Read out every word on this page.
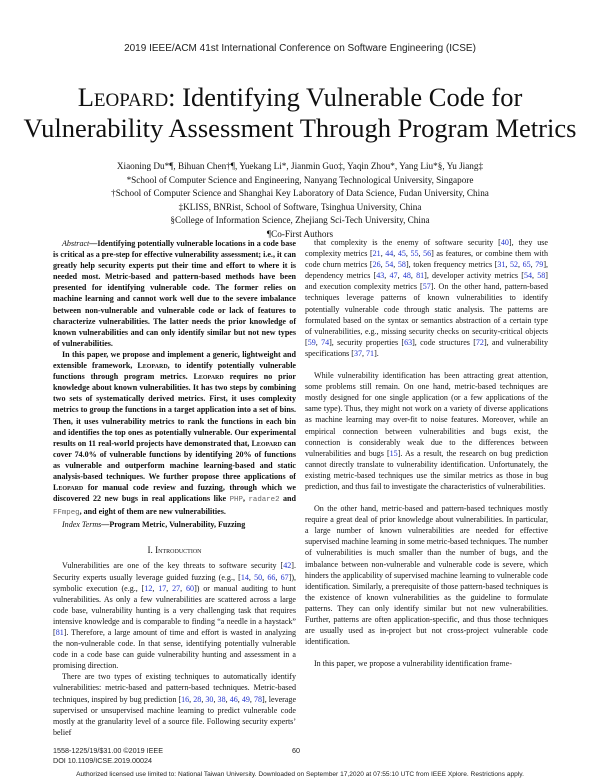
2019 IEEE/ACM 41st International Conference on Software Engineering (ICSE)
Leopard: Identifying Vulnerable Code for
Vulnerability Assessment Through Program Metrics
Xiaoning Du*¶, Bihuan Chen†¶, Yuekang Li*, Jianmin Guo‡, Yaqin Zhou*, Yang Liu*§, Yu Jiang‡
*School of Computer Science and Engineering, Nanyang Technological University, Singapore
†School of Computer Science and Shanghai Key Laboratory of Data Science, Fudan University, China
‡KLISS, BNRist, School of Software, Tsinghua University, China
§College of Information Science, Zhejiang Sci-Tech University, China
¶Co-First Authors

Abstract—Identifying potentially vulnerable locations in a code base is critical as a pre-step for effective vulnerability assessment; i.e., it can greatly help security experts put their time and effort to where it is needed most. Metric-based and pattern-based methods have been presented for identifying vulnerable code. The former relies on machine learning and cannot work well due to the severe imbalance between non-vulnerable and vulnerable code or lack of features to characterize vulnerabilities. The latter needs the prior knowledge of known vulnerabilities and can only identify similar but not new types of vulnerabilities.

In this paper, we propose and implement a generic, lightweight and extensible framework, Leopard, to identify potentially vulnerable functions through program metrics. Leopard requires no prior knowledge about known vulnerabilities. It has two steps by combining two sets of systematically derived metrics. First, it uses complexity metrics to group the functions in a target application into a set of bins. Then, it uses vulnerability metrics to rank the functions in each bin and identifies the top ones as potentially vulnerable. Our experimental results on 11 real-world projects have demonstrated that, Leopard can cover 74.0% of vulnerable functions by identifying 20% of functions as vulnerable and outperform machine learning-based and static analysis-based techniques. We further propose three applications of Leopard for manual code review and fuzzing, through which we discovered 22 new bugs in real applications like PHP, radare2 and FFmpeg, and eight of them are new vulnerabilities.

Index Terms—Program Metric, Vulnerability, Fuzzing

I. Introduction

Vulnerabilities are one of the key threats to software security [42]. Security experts usually leverage guided fuzzing (e.g., [14, 50, 66, 67]), symbolic execution (e.g., [12, 17, 27, 60]) or manual auditing to hunt vulnerabilities. As only a few vulnerabilities are scattered across a large code base, vulnerability hunting is a very challenging task that requires intensive knowledge and is comparable to finding “a needle in a haystack” [81]. Therefore, a large amount of time and effort is wasted in analyzing the non-vulnerable code. In that sense, identifying potentially vulnerable code in a code base can guide vulnerability hunting and assessment in a promising direction.

There are two types of existing techniques to automatically identify vulnerabilities: metric-based and pattern-based techniques. Metric-based techniques, inspired by bug prediction [16, 28, 30, 38, 46, 49, 78], leverage supervised or unsupervised machine learning to predict vulnerable code mostly at the granularity level of a source file. Following security experts’ belief

that complexity is the enemy of software security [40], they use complexity metrics [21, 44, 45, 55, 56] as features, or combine them with code churn metrics [26, 54, 58], token frequency metrics [31, 52, 65, 79], dependency metrics [43, 47, 48, 81], developer activity metrics [54, 58] and execution complexity metrics [57]. On the other hand, pattern-based techniques leverage patterns of known vulnerabilities to identify potentially vulnerable code through static analysis. The patterns are formulated based on the syntax or semantics abstraction of a certain type of vulnerabilities, e.g., missing security checks on security-critical objects [59, 74], security properties [63], code structures [72], and vulnerability specifications [37, 71].

While vulnerability identification has been attracting great attention, some problems still remain. On one hand, metric-based techniques are mostly designed for one single application (or a few applications of the same type). Thus, they might not work on a variety of diverse applications as machine learning may over-fit to noise features. Moreover, while an empirical connection between vulnerabilities and bugs exist, the connection is considerably weak due to the differences between vulnerabilities and bugs [15]. As a result, the research on bug prediction cannot directly translate to vulnerability identification. Unfortunately, the existing metric-based techniques use the similar metrics as those in bug prediction, and thus fail to investigate the characteristics of vulnerabilities.

On the other hand, metric-based and pattern-based techniques mostly require a great deal of prior knowledge about vulnerabilities. In particular, a large number of known vulnerabilities are needed for effective supervised machine learning in some metric-based techniques. The number of vulnerabilities is much smaller than the number of bugs, and the imbalance between non-vulnerable and vulnerable code is severe, which hinders the applicability of supervised machine learning to vulnerable code identification. Similarly, a prerequisite of those pattern-based techniques is the existence of known vulnerabilities as the guideline to formulate patterns. They can only identify similar but not new vulnerabilities. Further, patterns are often application-specific, and thus those techniques are usually used as in-project but not cross-project vulnerable code identification.

In this paper, we propose a vulnerability identification frame-

1558-1225/19/$31.00 ©2019 IEEE
DOI 10.1109/ICSE.2019.00024
60
Authorized licensed use limited to: National Taiwan University. Downloaded on September 17,2020 at 07:55:10 UTC from IEEE Xplore. Restrictions apply.
